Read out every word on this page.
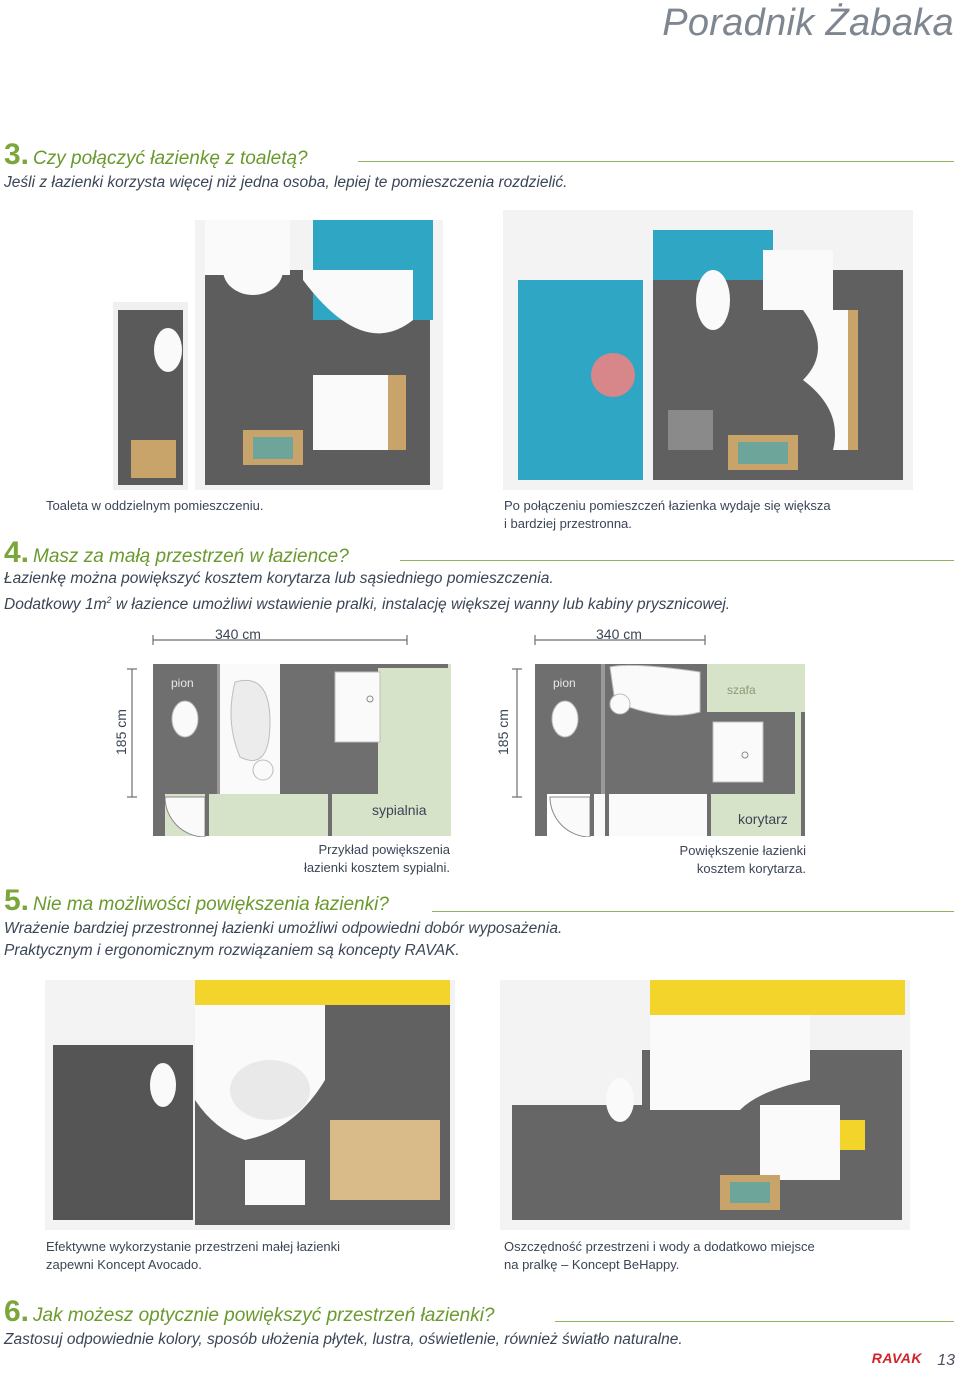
Poradnik Żabaka
3. Czy połączyć łazienkę z toaletą?
Jeśli z łazienki korzysta więcej niż jedna osoba, lepiej te pomieszczenia rozdzielić.
Toaleta w oddzielnym pomieszczeniu.	Po połączeniu pomieszczeń łazienka wydaje się większa
i bardziej przestronna.
4. Masz za małą przestrzeń w łazience?
Łazienkę można powiększyć kosztem korytarza lub sąsiedniego pomieszczenia.
Dodatkowy $1m^2$ w łazience umożliwi wstawienie pralki, instalację większej wanny lub kabiny prysznicowej.
340 cm
185 cm
pion
sypialnia
340 cm
185 cm
pion	szafa
korytarz
Przykład powiększenia
łazienki kosztem sypialni.
Powiększenie łazienki
kosztem korytarza.
5. Nie ma możliwości powiększenia łazienki?
Wrażenie bardziej przestronnej łazienki umożliwi odpowiedni dobór wyposażenia.
Praktycznym i ergonomicznym rozwiązaniem są koncepty RAVAK.
Efektywne wykorzystanie przestrzeni małej łazienki
zapewni Koncept Avocado.
Oszczędność przestrzeni i wody a dodatkowo miejsce
na pralkę – Koncept BeHappy.
6. Jak możesz optycznie powiększyć przestrzeń łazienki?
Zastosuj odpowiednie kolory, sposób ułożenia płytek, lustra, oświetlenie, również światło naturalne.
RAVAK 13
